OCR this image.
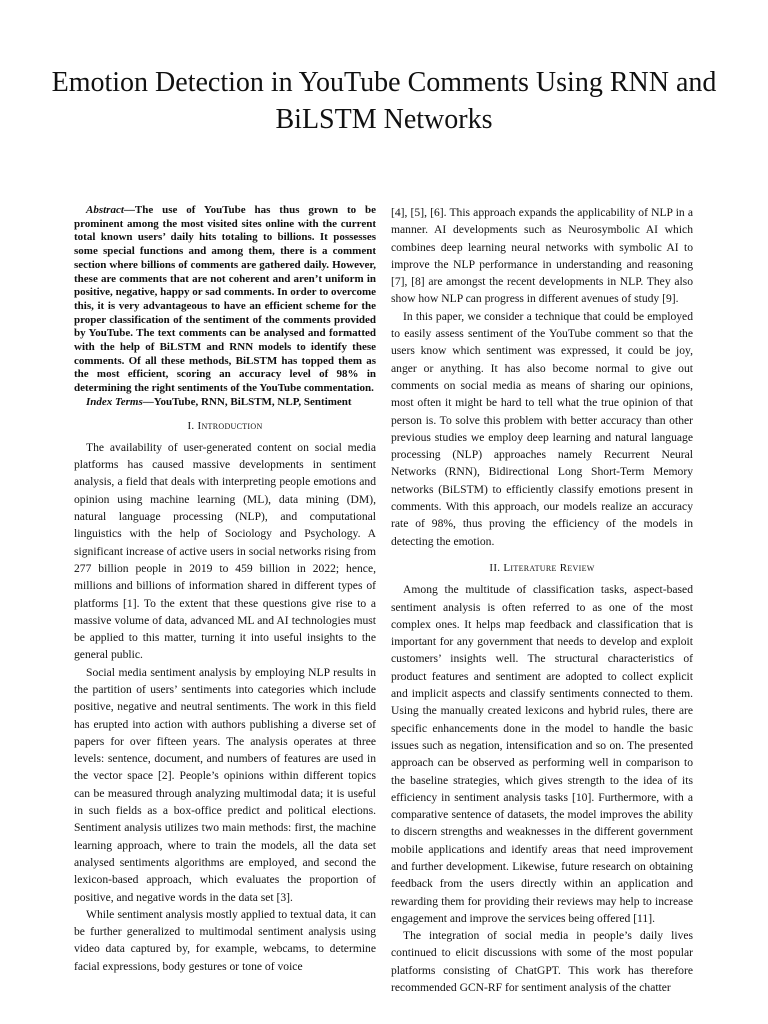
Emotion Detection in YouTube Comments Using RNN and BiLSTM Networks

Abstract—The use of YouTube has thus grown to be prominent among the most visited sites online with the current total known users’ daily hits totaling to billions. It possesses some special functions and among them, there is a comment section where billions of comments are gathered daily. However, these are comments that are not coherent and aren’t uniform in positive, negative, happy or sad comments. In order to overcome this, it is very advantageous to have an efficient scheme for the proper classification of the sentiment of the comments provided by YouTube. The text comments can be analysed and formatted with the help of BiLSTM and RNN models to identify these comments. Of all these methods, BiLSTM has topped them as the most efficient, scoring an accuracy level of 98% in determining the right sentiments of the YouTube commentation.

Index Terms—YouTube, RNN, BiLSTM, NLP, Sentiment

I. Introduction

The availability of user-generated content on social media platforms has caused massive developments in sentiment analysis, a field that deals with interpreting people emotions and opinion using machine learning (ML), data mining (DM), natural language processing (NLP), and computational linguistics with the help of Sociology and Psychology. A significant increase of active users in social networks rising from 277 billion people in 2019 to 459 billion in 2022; hence, millions and billions of information shared in different types of platforms [1]. To the extent that these questions give rise to a massive volume of data, advanced ML and AI technologies must be applied to this matter, turning it into useful insights to the general public.

Social media sentiment analysis by employing NLP results in the partition of users’ sentiments into categories which include positive, negative and neutral sentiments. The work in this field has erupted into action with authors publishing a diverse set of papers for over fifteen years. The analysis operates at three levels: sentence, document, and numbers of features are used in the vector space [2]. People’s opinions within different topics can be measured through analyzing multimodal data; it is useful in such fields as a box-office predict and political elections. Sentiment analysis utilizes two main methods: first, the machine learning approach, where to train the models, all the data set analysed sentiments algorithms are employed, and second the lexicon-based approach, which evaluates the proportion of positive, and negative words in the data set [3].

While sentiment analysis mostly applied to textual data, it can be further generalized to multimodal sentiment analysis using video data captured by, for example, webcams, to determine facial expressions, body gestures or tone of voice

[4], [5], [6]. This approach expands the applicability of NLP in a manner. AI developments such as Neurosymbolic AI which combines deep learning neural networks with symbolic AI to improve the NLP performance in understanding and reasoning [7], [8] are amongst the recent developments in NLP. They also show how NLP can progress in different avenues of study [9].

In this paper, we consider a technique that could be employed to easily assess sentiment of the YouTube comment so that the users know which sentiment was expressed, it could be joy, anger or anything. It has also become normal to give out comments on social media as means of sharing our opinions, most often it might be hard to tell what the true opinion of that person is. To solve this problem with better accuracy than other previous studies we employ deep learning and natural language processing (NLP) approaches namely Recurrent Neural Networks (RNN), Bidirectional Long Short-Term Memory networks (BiLSTM) to efficiently classify emotions present in comments. With this approach, our models realize an accuracy rate of 98%, thus proving the efficiency of the models in detecting the emotion.

II. Literature Review

Among the multitude of classification tasks, aspect-based sentiment analysis is often referred to as one of the most complex ones. It helps map feedback and classification that is important for any government that needs to develop and exploit customers’ insights well. The structural characteristics of product features and sentiment are adopted to collect explicit and implicit aspects and classify sentiments connected to them. Using the manually created lexicons and hybrid rules, there are specific enhancements done in the model to handle the basic issues such as negation, intensification and so on. The presented approach can be observed as performing well in comparison to the baseline strategies, which gives strength to the idea of its efficiency in sentiment analysis tasks [10]. Furthermore, with a comparative sentence of datasets, the model improves the ability to discern strengths and weaknesses in the different government mobile applications and identify areas that need improvement and further development. Likewise, future research on obtaining feedback from the users directly within an application and rewarding them for providing their reviews may help to increase engagement and improve the services being offered [11].

The integration of social media in people’s daily lives continued to elicit discussions with some of the most popular platforms consisting of ChatGPT. This work has therefore recommended GCN-RF for sentiment analysis of the chatter
